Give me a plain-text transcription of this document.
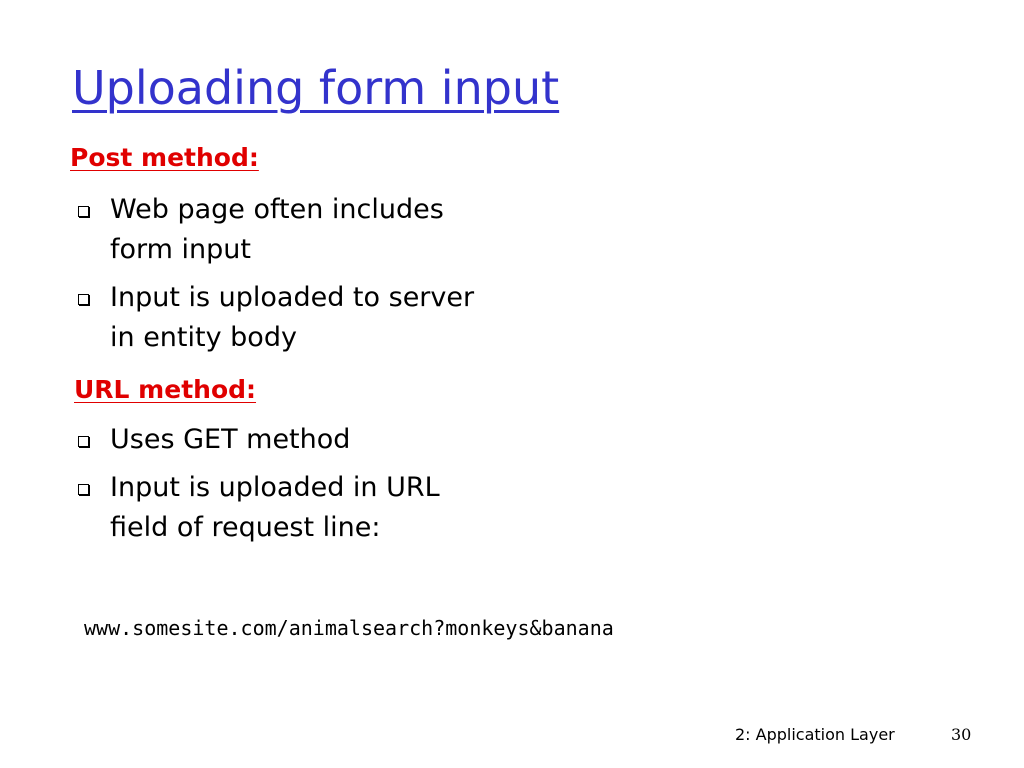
Uploading form input
Post method:
Web page often includes form input
Input is uploaded to server in entity body
URL method:
Uses GET method
Input is uploaded in URL field of request line:
www.somesite.com/animalsearch?monkeys&banana
2: Application Layer	30
